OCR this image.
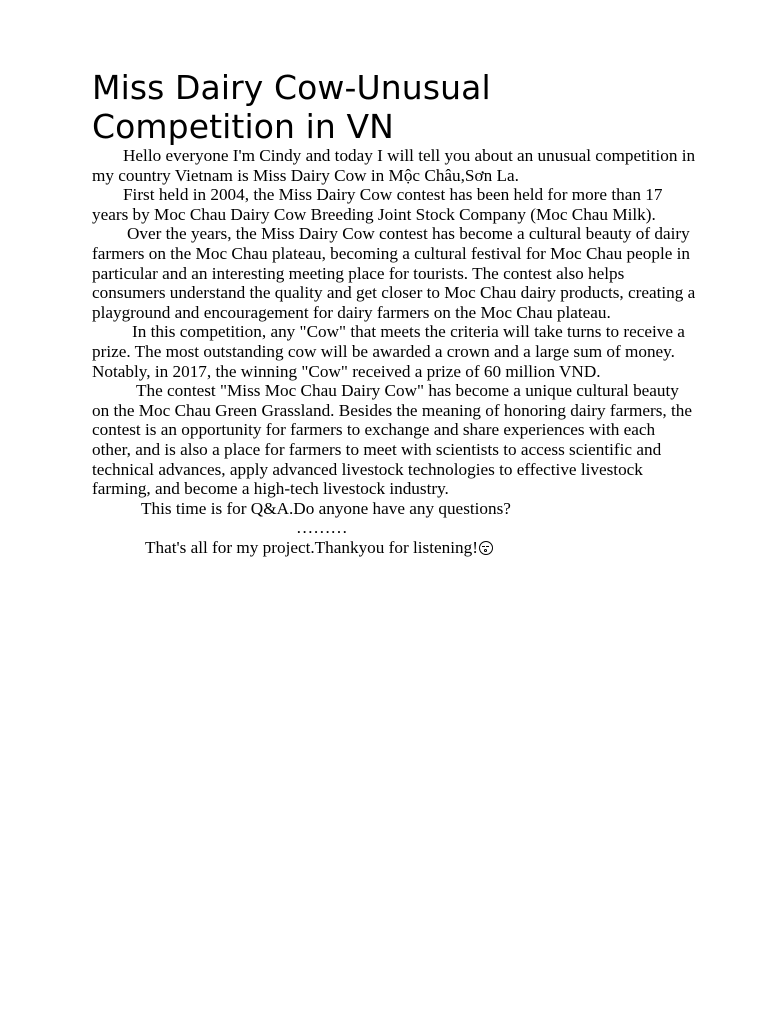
Miss Dairy Cow-Unusual Competition in VN

Hello everyone I'm Cindy and today I will tell you about an unusual competition in my country Vietnam is Miss Dairy Cow in Mộc Châu,Sơn La.

First held in 2004, the Miss Dairy Cow contest has been held for more than 17 years by Moc Chau Dairy Cow Breeding Joint Stock Company (Moc Chau Milk).

Over the years, the Miss Dairy Cow contest has become a cultural beauty of dairy farmers on the Moc Chau plateau, becoming a cultural festival for Moc Chau people in particular and an interesting meeting place for tourists. The contest also helps consumers understand the quality and get closer to Moc Chau dairy products, creating a playground and encouragement for dairy farmers on the Moc Chau plateau.

In this competition, any "Cow" that meets the criteria will take turns to receive a prize. The most outstanding cow will be awarded a crown and a large sum of money. Notably, in 2017, the winning "Cow" received a prize of 60 million VND.

The contest "Miss Moc Chau Dairy Cow" has become a unique cultural beauty on the Moc Chau Green Grassland. Besides the meaning of honoring dairy farmers, the contest is an opportunity for farmers to exchange and share experiences with each other, and is also a place for farmers to meet with scientists to access scientific and technical advances, apply advanced livestock technologies to effective livestock farming, and become a high-tech livestock industry.

This time is for Q&A.Do anyone have any questions?

………

That's all for my project.Thankyou for listening!
